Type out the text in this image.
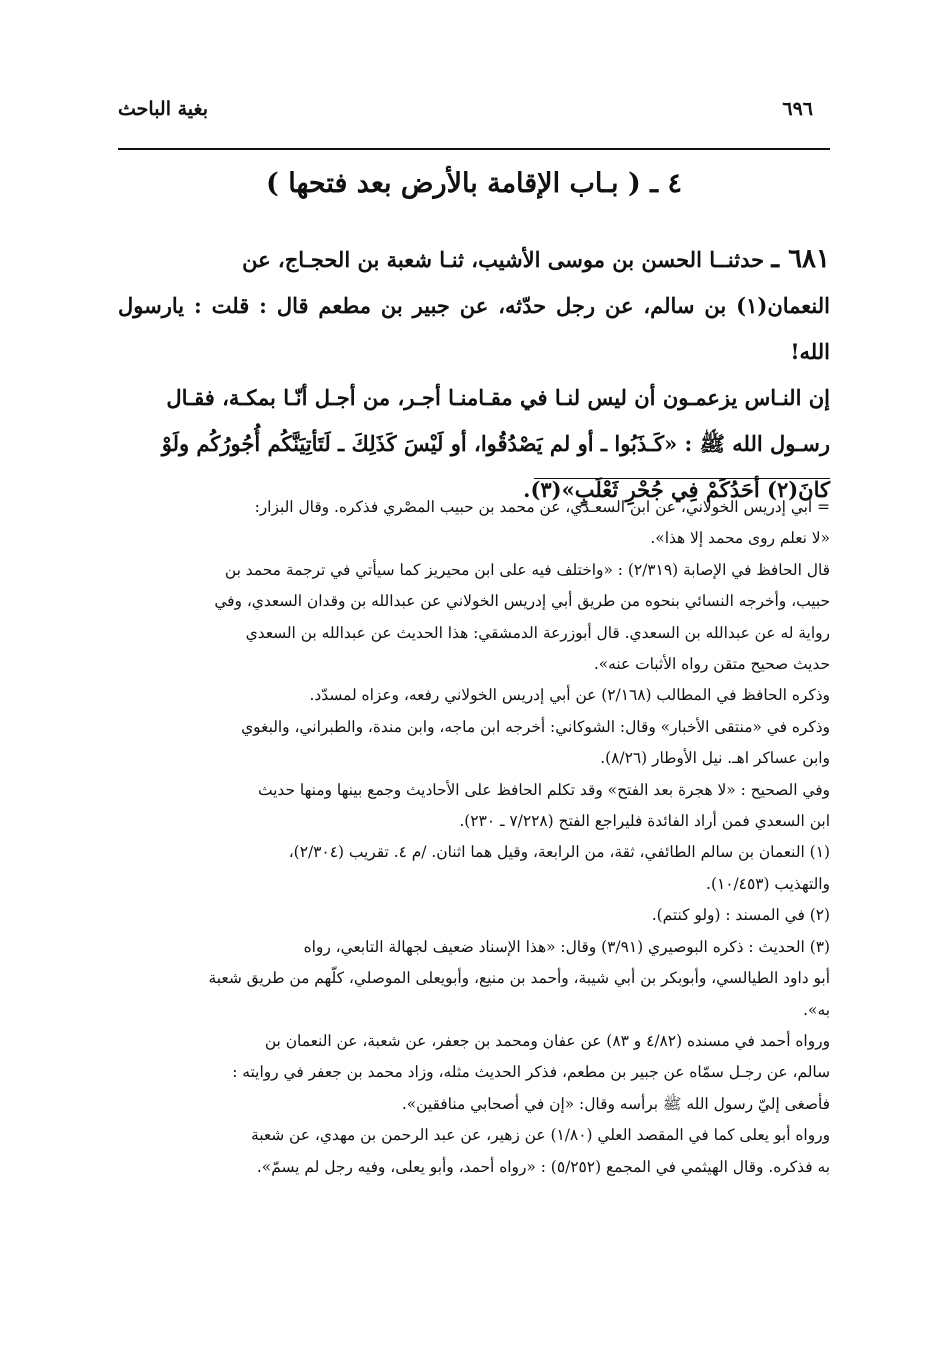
بغية الباحث	٦٩٦
٤ ـ ( بـاب الإقامة بالأرض بعد فتحها )
٦٨١ ـ حدثنــا الحسن بن موسى الأشيب، ثنـا شعبة بن الحجـاج، عن
النعمان(١) بن سالم، عن رجل حدّثه، عن جبير بن مطعم قال : قلت : يارسول الله!
إن النـاس يزعمـون أن ليس لنـا في مقـامنـا أجـر، من أجـل أنّـا بمكـة، فقـال
رسـول الله ﷺ : «كَـذَبُوا ـ أو لم يَصْدُقُوا، أو لَيْسَ كَذَلِكَ ـ لَتَأتِيَنَّكُم أُجُورُكُم ولَوْ
كانَ(٢) أحَدُكَمْ فِي جُحْرِ ثَعْلَبٍ»(٣).

= أبي إدريس الخولاني، عن ابن السعـدي، عن محمد بن حبيب المصْري فذكره. وقال البزار:
«لا نعلم روى محمد إلا هذا».

قال الحافظ في الإصابة (٢/٣١٩) : «واختلف فيه على ابن محيريز كما سيأتي في ترجمة محمد بن
حبيب، وأخرجه النسائي بنحوه من طريق أبي إدريس الخولاني عن عبدالله بن وقدان السعدي، وفي
رواية له عن عبدالله بن السعدي. قال أبوزرعة الدمشقي: هذا الحديث عن عبدالله بن السعدي
حديث صحيح متقن رواه الأثبات عنه».

وذكره الحافظ في المطالب (٢/١٦٨) عن أبي إدريس الخولاني رفعه، وعزاه لمسدّد.

وذكره في «منتقى الأخبار» وقال: الشوكاني: أخرجه ابن ماجه، وابن مندة، والطبراني، والبغوي
وابن عساكر اهـ. نيل الأوطار (٨/٢٦).

وفي الصحيح : «لا هجرة بعد الفتح» وقد تكلم الحافظ على الأحاديث وجمع بينها ومنها حديث
ابن السعدي فمن أراد الفائدة فليراجع الفتح (٧/٢٢٨ ـ ٢٣٠).

(١) النعمان بن سالم الطائفي، ثقة، من الرابعة، وقيل هما اثنان. /م ٤. تقريب (٢/٣٠٤)،
والتهذيب (١٠/٤٥٣).

(٢) في المسند : (ولو كنتم).

(٣) الحديث : ذكره البوصيري (٣/٩١) وقال: «هذا الإسناد ضعيف لجهالة التابعي، رواه
أبو داود الطيالسي، وأبوبكر بن أبي شيبة، وأحمد بن منيع، وأبويعلى الموصلي، كلّهم من طريق شعبة
به».

ورواه أحمد في مسنده (٤/٨٢ و ٨٣) عن عفان ومحمد بن جعفر، عن شعبة، عن النعمان بن
سالم، عن رجـل سمّاه عن جبير بن مطعم، فذكر الحديث مثله، وزاد محمد بن جعفر في روايته :
فأصغى إليّ رسول الله ﷺ برأسه وقال: «إن في أصحابي منافقين».

ورواه أبو يعلى كما في المقصد العلي (١/٨٠) عن زهير، عن عبد الرحمن بن مهدي، عن شعبة
به فذكره. وقال الهيثمي في المجمع (٥/٢٥٢) : «رواه أحمد، وأبو يعلى، وفيه رجل لم يسمّ».
